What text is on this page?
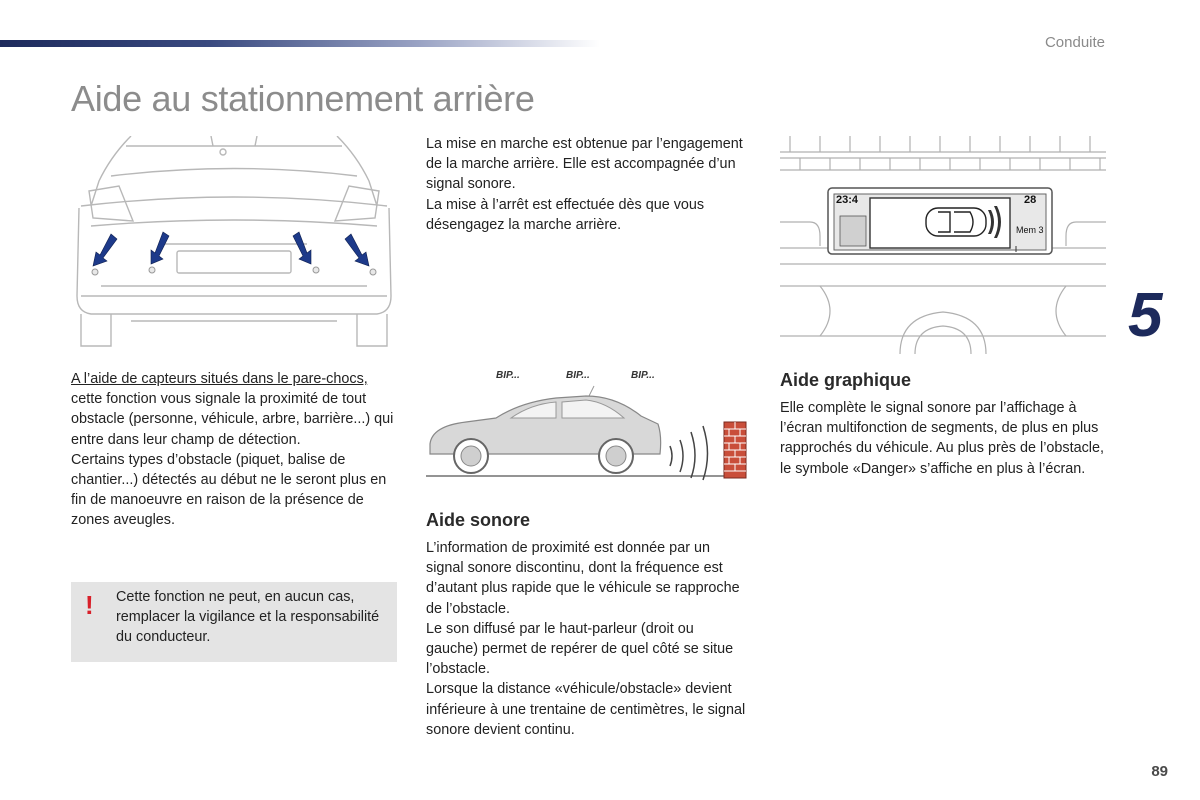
Conduite
Aide au stationnement arrière

La mise en marche est obtenue par l’engagement de la marche arrière. Elle est accompagnée d’un signal sonore.

La mise à l’arrêt est effectuée dès que vous désengagez la marche arrière.

A l’aide de capteurs situés dans le pare-chocs, cette fonction vous signale la proximité de tout obstacle (personne, véhicule, arbre, barrière...) qui entre dans leur champ de détection.

Certains types d’obstacle (piquet, balise de chantier...) détectés au début ne le seront plus en fin de manoeuvre en raison de la présence de zones aveugles.

! Cette fonction ne peut, en aucun cas, remplacer la vigilance et la responsabilité du conducteur.
BIP...	BIP...	BIP...
Aide sonore

L’information de proximité est donnée par un signal sonore discontinu, dont la fréquence est d’autant plus rapide que le véhicule se rapproche de l’obstacle.

Le son diffusé par le haut-parleur (droit ou gauche) permet de repérer de quel côté se situe l’obstacle.

Lorsque la distance «véhicule/obstacle» devient inférieure à une trentaine de centimètres, le signal sonore devient continu.

23:4	28
Mem 3
Aide graphique

Elle complète le signal sonore par l’affichage à l’écran multifonction de segments, de plus en plus rapprochés du véhicule. Au plus près de l’obstacle, le symbole «Danger» s’affiche en plus à l’écran.

5
89
